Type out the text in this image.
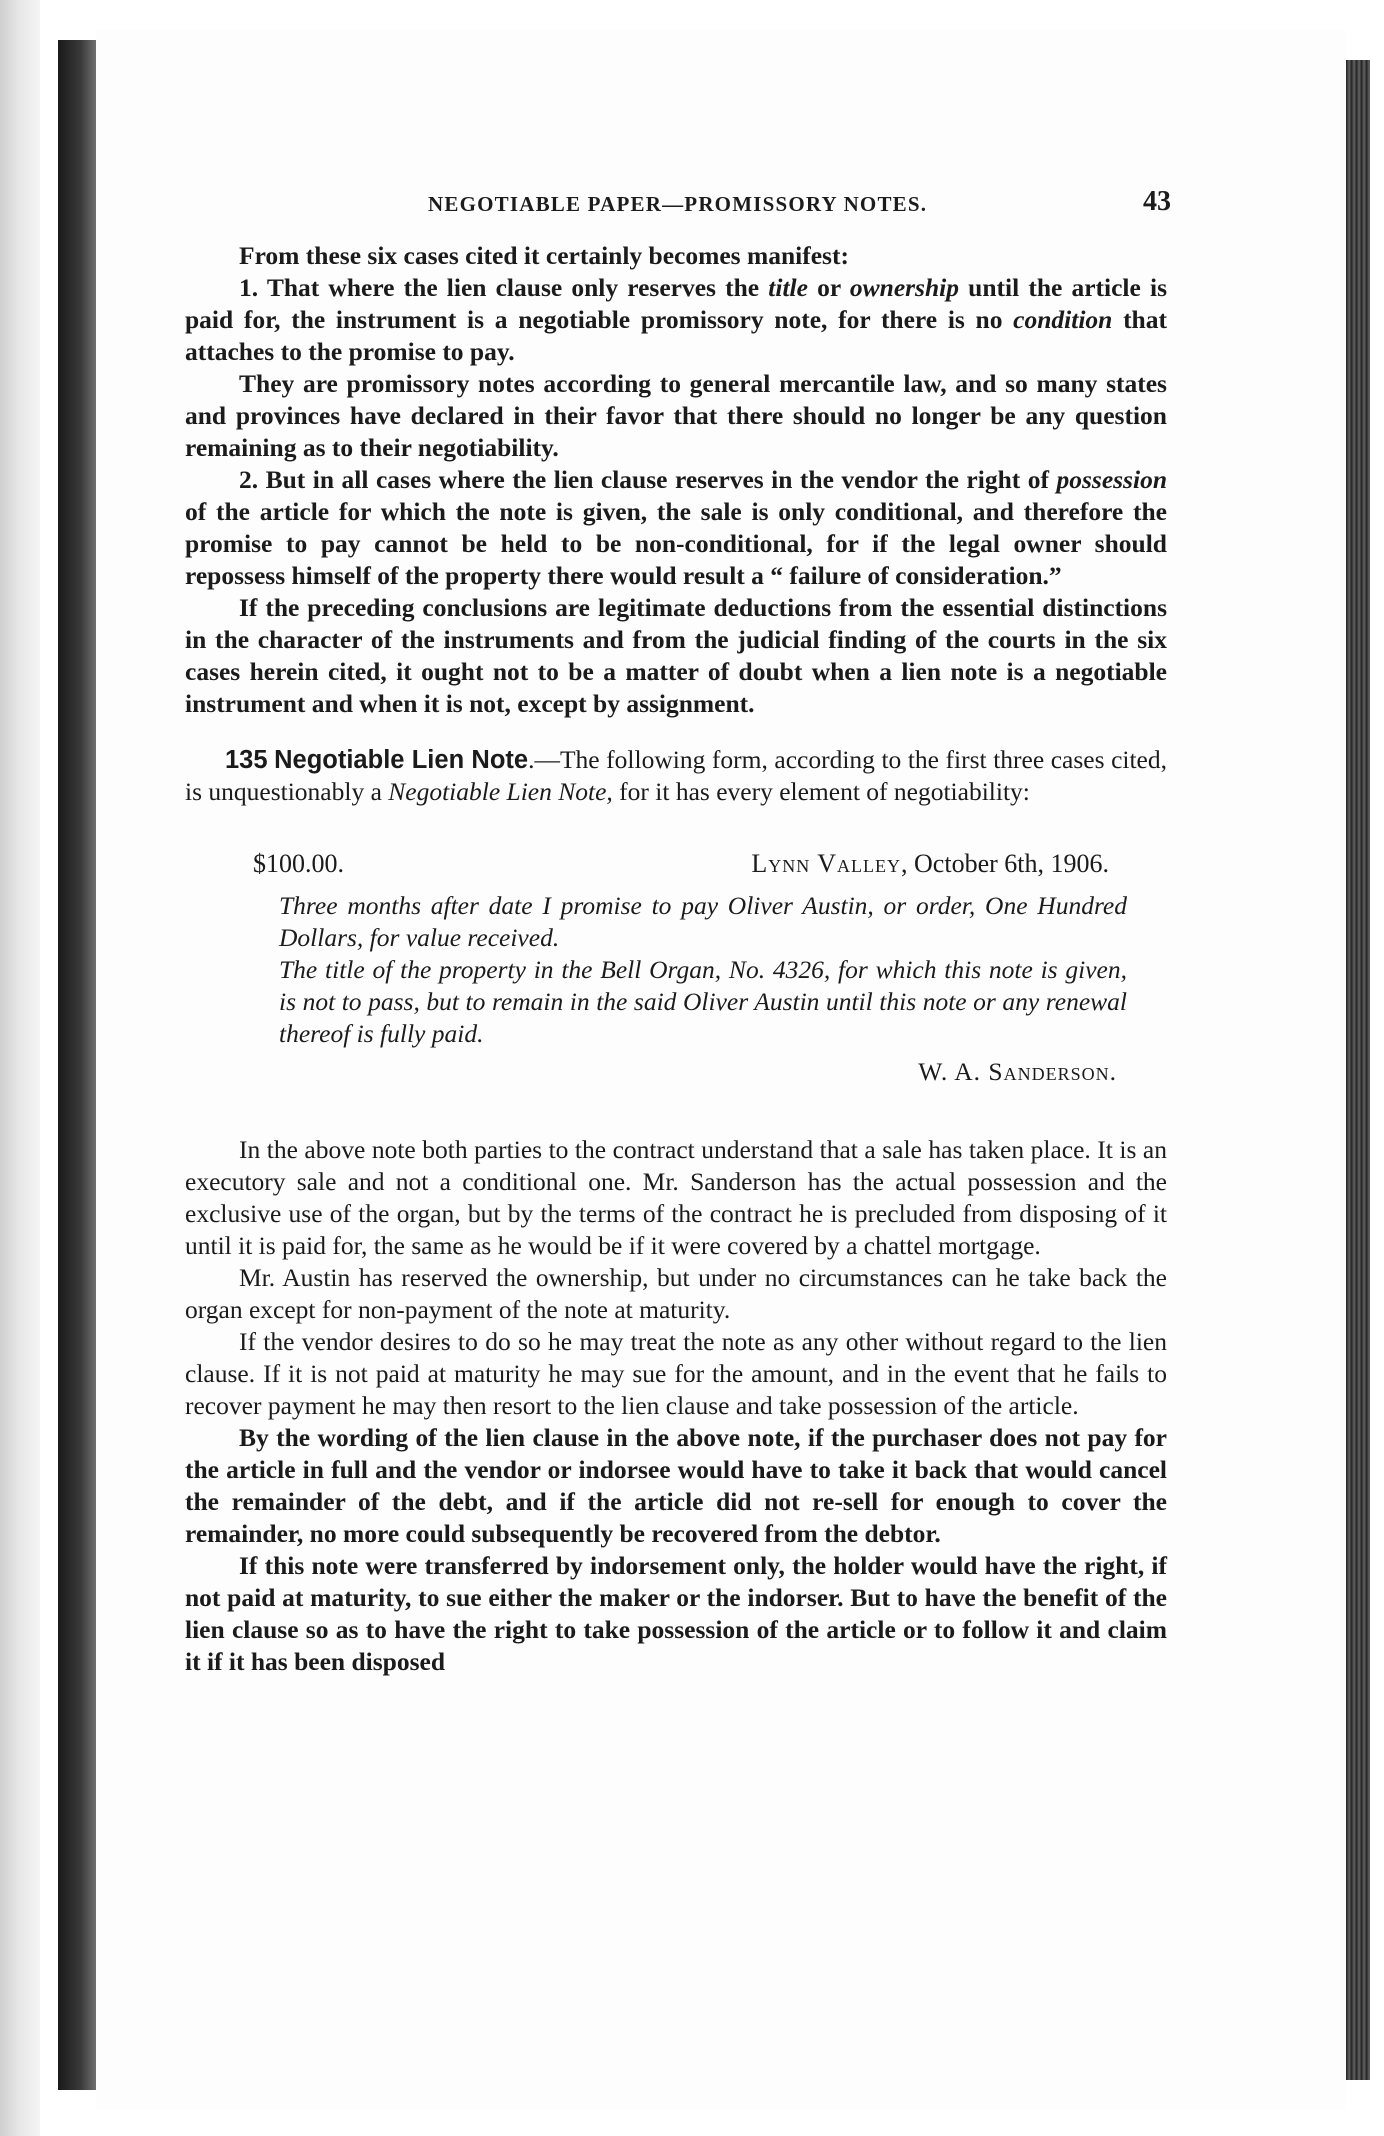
NEGOTIABLE PAPER—PROMISSORY NOTES.	43

From these six cases cited it certainly becomes manifest:

1. That where the lien clause only reserves the title or ownership until the article is paid for, the instrument is a negotiable promissory note, for there is no condition that attaches to the promise to pay.

They are promissory notes according to general mercantile law, and so many states and provinces have declared in their favor that there should no longer be any question remaining as to their negotiability.

2. But in all cases where the lien clause reserves in the vendor the right of possession of the article for which the note is given, the sale is only conditional, and therefore the promise to pay cannot be held to be non-conditional, for if the legal owner should repossess himself of the property there would result a “ failure of consideration.”

If the preceding conclusions are legitimate deductions from the essential distinctions in the character of the instruments and from the judicial finding of the courts in the six cases herein cited, it ought not to be a matter of doubt when a lien note is a negotiable instrument and when it is not, except by assignment.

135 Negotiable Lien Note.—The following form, according to the first three cases cited, is unquestionably a Negotiable Lien Note, for it has every element of negotiability:

$100.00.	Lynn Valley, October 6th, 1906.

Three months after date I promise to pay Oliver Austin, or order, One Hundred Dollars, for value received.

The title of the property in the Bell Organ, No. 4326, for which this note is given, is not to pass, but to remain in the said Oliver Austin until this note or any renewal thereof is fully paid.

W. A. Sanderson.

In the above note both parties to the contract understand that a sale has taken place. It is an executory sale and not a conditional one. Mr. Sanderson has the actual possession and the exclusive use of the organ, but by the terms of the contract he is precluded from disposing of it until it is paid for, the same as he would be if it were covered by a chattel mortgage.

Mr. Austin has reserved the ownership, but under no circumstances can he take back the organ except for non-payment of the note at maturity.

If the vendor desires to do so he may treat the note as any other without regard to the lien clause. If it is not paid at maturity he may sue for the amount, and in the event that he fails to recover payment he may then resort to the lien clause and take possession of the article.

By the wording of the lien clause in the above note, if the purchaser does not pay for the article in full and the vendor or indorsee would have to take it back that would cancel the remainder of the debt, and if the article did not re-sell for enough to cover the remainder, no more could subsequently be recovered from the debtor.

If this note were transferred by indorsement only, the holder would have the right, if not paid at maturity, to sue either the maker or the indorser. But to have the benefit of the lien clause so as to have the right to take possession of the article or to follow it and claim it if it has been disposed
